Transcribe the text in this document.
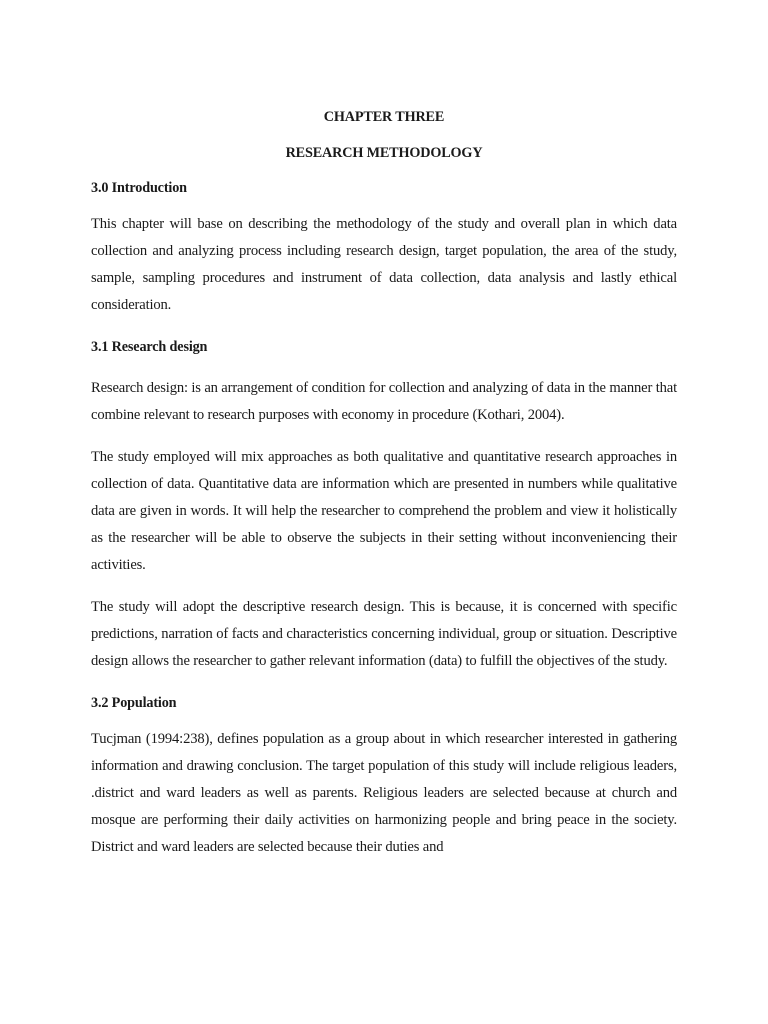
CHAPTER THREE
RESEARCH METHODOLOGY
3.0 Introduction

This chapter will base on describing the methodology of the study and overall plan in which data collection and analyzing process including research design, target population, the area of the study, sample, sampling procedures and instrument of data collection, data analysis and lastly ethical consideration.

3.1 Research design

Research design: is an arrangement of condition for collection and analyzing of data in the manner that combine relevant to research purposes with economy in procedure (Kothari, 2004).

The study employed will mix approaches as both qualitative and quantitative research approaches in collection of data. Quantitative data are information which are presented in numbers while qualitative data are given in words. It will help the researcher to comprehend the problem and view it holistically as the researcher will be able to observe the subjects in their setting without inconveniencing their activities.

The study will adopt the descriptive research design. This is because, it is concerned with specific predictions, narration of facts and characteristics concerning individual, group or situation. Descriptive design allows the researcher to gather relevant information (data) to fulfill the objectives of the study.

3.2 Population

Tucjman (1994:238), defines population as a group about in which researcher interested in gathering information and drawing conclusion. The target population of this study will include religious leaders, .district and ward leaders as well as parents. Religious leaders are selected because at church and mosque are performing their daily activities on harmonizing people and bring peace in the society. District and ward leaders are selected because their duties and
